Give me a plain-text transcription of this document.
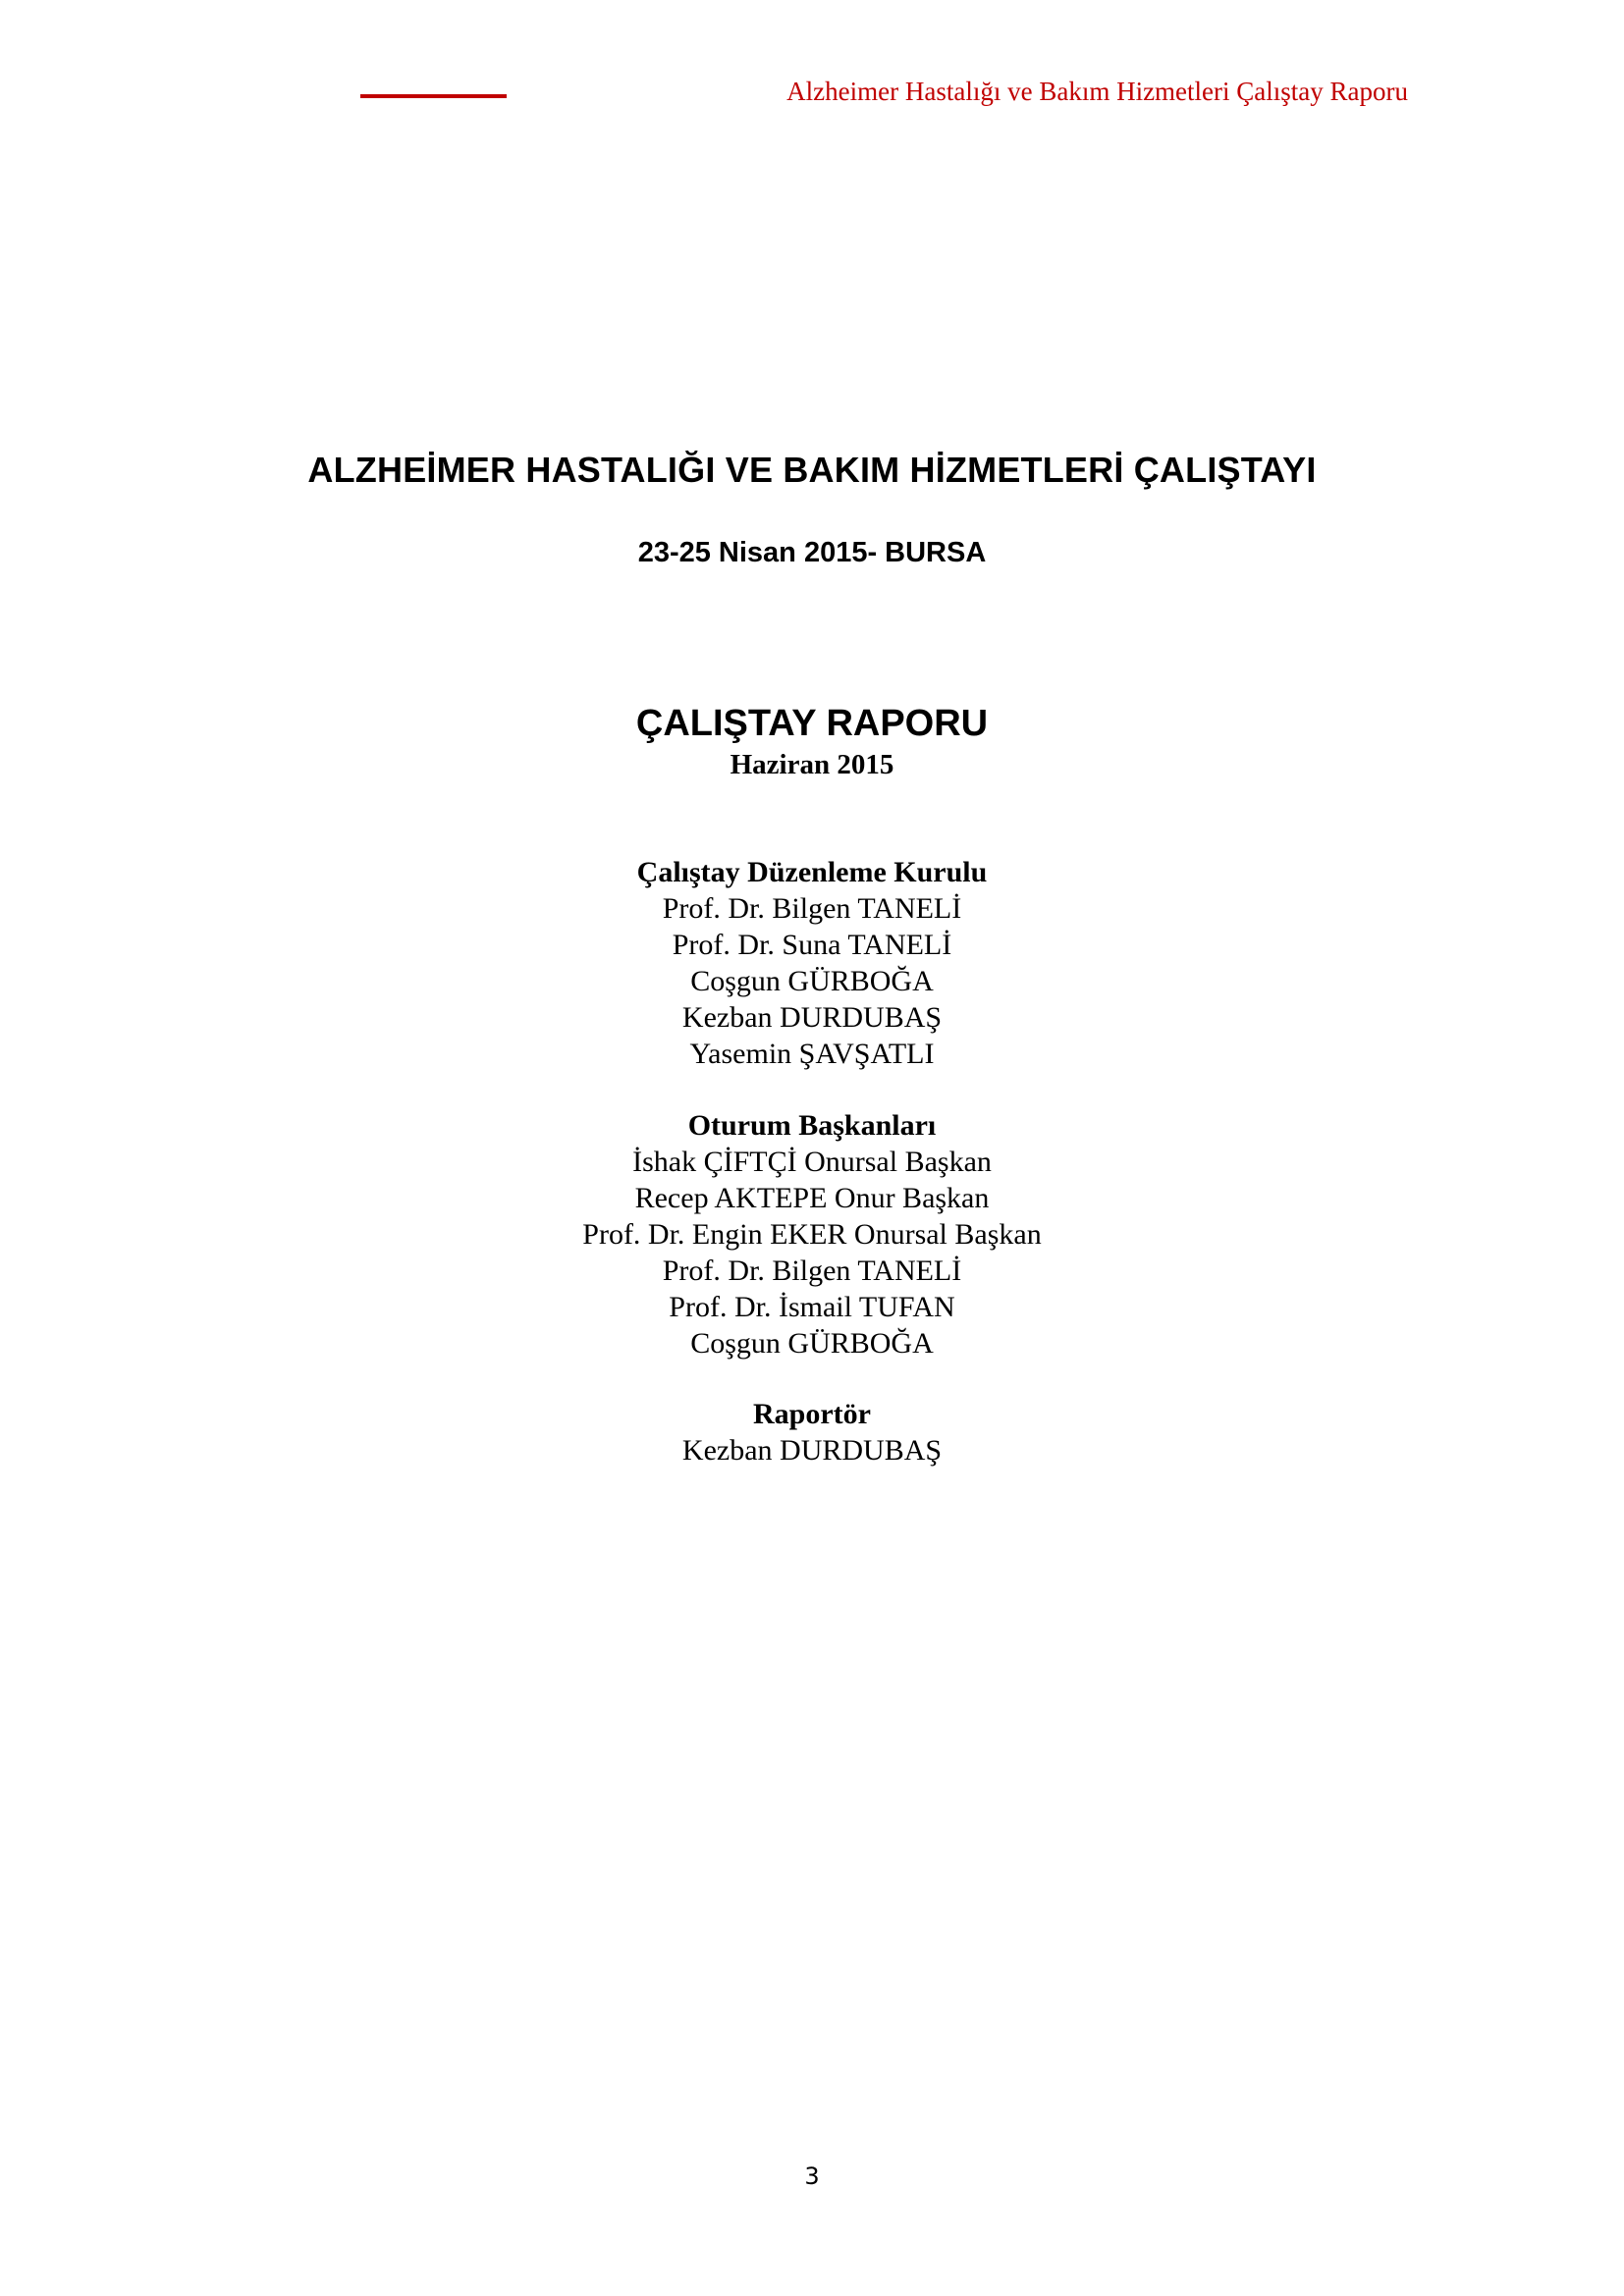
Alzheimer Hastalığı ve Bakım Hizmetleri Çalıştay Raporu
ALZHEİMER HASTALIĞI VE BAKIM HİZMETLERİ ÇALIŞTAYI
23-25 Nisan 2015- BURSA
ÇALIŞTAY RAPORU
Haziran 2015
Çalıştay Düzenleme Kurulu
Prof. Dr. Bilgen TANELİ
Prof. Dr. Suna TANELİ
Coşgun GÜRBOĞA
Kezban DURDUBAŞ
Yasemin ŞAVŞATLI
Oturum Başkanları
İshak ÇİFTÇİ Onursal Başkan
Recep AKTEPE Onur Başkan
Prof. Dr. Engin EKER Onursal Başkan
Prof. Dr. Bilgen TANELİ
Prof. Dr. İsmail TUFAN
Coşgun GÜRBOĞA
Raportör
Kezban DURDUBAŞ
3
